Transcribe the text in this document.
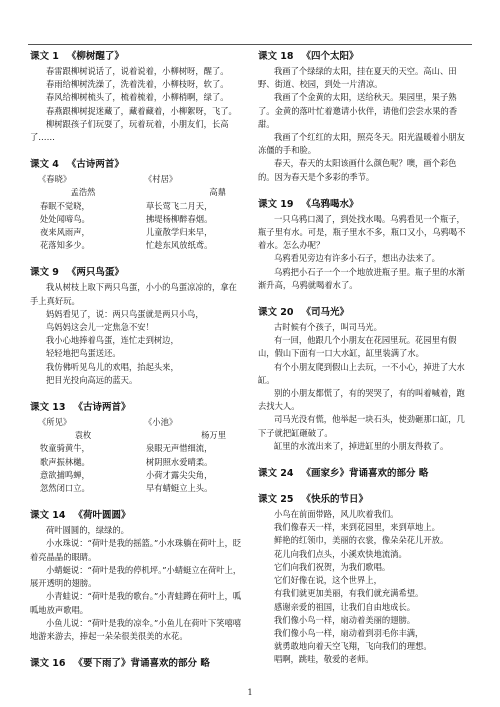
课文 1 《柳树醒了》
春雷跟柳树说话了，说着说着，小柳树呀，醒了。
春雨给柳树洗澡了，洗着洗着，小柳枝呀，软了。
春风给柳树梳头了，梳着梳着，小柳梢啊，绿了。
春燕跟柳树捉迷藏了，藏着藏着，小柳絮呀，飞了。
柳树跟孩子们玩耍了，玩着玩着，小朋友们，长高了……
课文 4 《古诗两首》
《春晓》
孟浩然
春眠不觉晓，
处处闻啼鸟。
夜来风雨声，
花落知多少。
《村居》
高鼎
草长莺飞二月天，
拂堤杨柳醉春烟。
儿童散学归来早，
忙趁东风放纸鸢。
课文 9 《两只鸟蛋》
我从树枝上取下两只鸟蛋，小小的鸟蛋凉凉的，拿在手上真好玩。
妈妈看见了，说：两只鸟蛋就是两只小鸟，
鸟妈妈这会儿一定焦急不安！
我小心地捧着鸟蛋，连忙走到树边，
轻轻地把鸟蛋送还。
我仿佛听见鸟儿的欢唱，抬起头来，
把目光投向高远的蓝天。
课文 13 《古诗两首》
《所见》
袁枚
牧童骑黄牛，
歌声振林樾。
意欲捕鸣蝉，
忽然闭口立。
《小池》
杨万里
泉眼无声惜细流，
树阴照水爱晴柔。
小荷才露尖尖角，
早有蜻蜓立上头。
课文 14 《荷叶圆圆》
荷叶圆圆的，绿绿的。
小水珠说：“荷叶是我的摇篮。”小水珠躺在荷叶上，眨着亮晶晶的眼睛。
小蜻蜓说：“荷叶是我的停机坪。”小蜻蜓立在荷叶上，展开透明的翅膀。
小青蛙说：“荷叶是我的歌台。”小青蛙蹲在荷叶上，呱呱地放声歌唱。
小鱼儿说：“荷叶是我的凉伞。”小鱼儿在荷叶下笑嘻嘻地游来游去，捧起一朵朵很美很美的水花。
课文 16 《要下雨了》背诵喜欢的部分 略
课文 18 《四个太阳》
我画了个绿绿的太阳，挂在夏天的天空。高山、田野、街道、校园，到处一片清凉。
我画了个金黄的太阳，送给秋天。果园里，果子熟了。金黄的落叶忙着邀请小伙伴，请他们尝尝水果的香甜。
我画了个红红的太阳，照亮冬天。阳光温暖着小朋友冻僵的手和脸。
春天，春天的太阳该画什么颜色呢？噢，画个彩色的。因为春天是个多彩的季节。
课文 19 《乌鸦喝水》
一只乌鸦口渴了，到处找水喝。乌鸦看见一个瓶子，瓶子里有水。可是，瓶子里水不多，瓶口又小，乌鸦喝不着水。怎么办呢？
乌鸦看见旁边有许多小石子，想出办法来了。
乌鸦把小石子一个一个地放进瓶子里。瓶子里的水渐渐升高，乌鸦就喝着水了。
课文 20 《司马光》
古时候有个孩子，叫司马光。
有一回，他跟几个小朋友在花园里玩。花园里有假山，假山下面有一口大水缸，缸里装满了水。
有个小朋友爬到假山上去玩，一不小心，掉进了大水缸。
别的小朋友都慌了，有的哭哭了，有的叫着喊着，跑去找大人。
司马光没有慌，他举起一块石头，使劲砸那口缸，几下子就把缸砸破了。
缸里的水流出来了，掉进缸里的小朋友得救了。
课文 24 《画家乡》背诵喜欢的部分 略
课文 25 《快乐的节日》
小鸟在前面带路，风儿吹着我们。
我们像春天一样，来到花园里，来到草地上。
鲜艳的红领巾，美丽的衣裳，像朵朵花儿开放。
花儿向我们点头，小溪欢快地流淌。
它们向我们祝贺，为我们歌唱。
它们好像在说，这个世界上，
有我们就更加美丽，有我们就充满希望。
感谢亲爱的祖国，让我们自由地成长。
我们像小鸟一样，扇动着美丽的翅膀。
我们像小鸟一样，扇动着到羽毛你丰满，
就勇敢地向着天空飞翔，飞向我们的理想。
唱啊，跳哇，敬爱的老师。
1
